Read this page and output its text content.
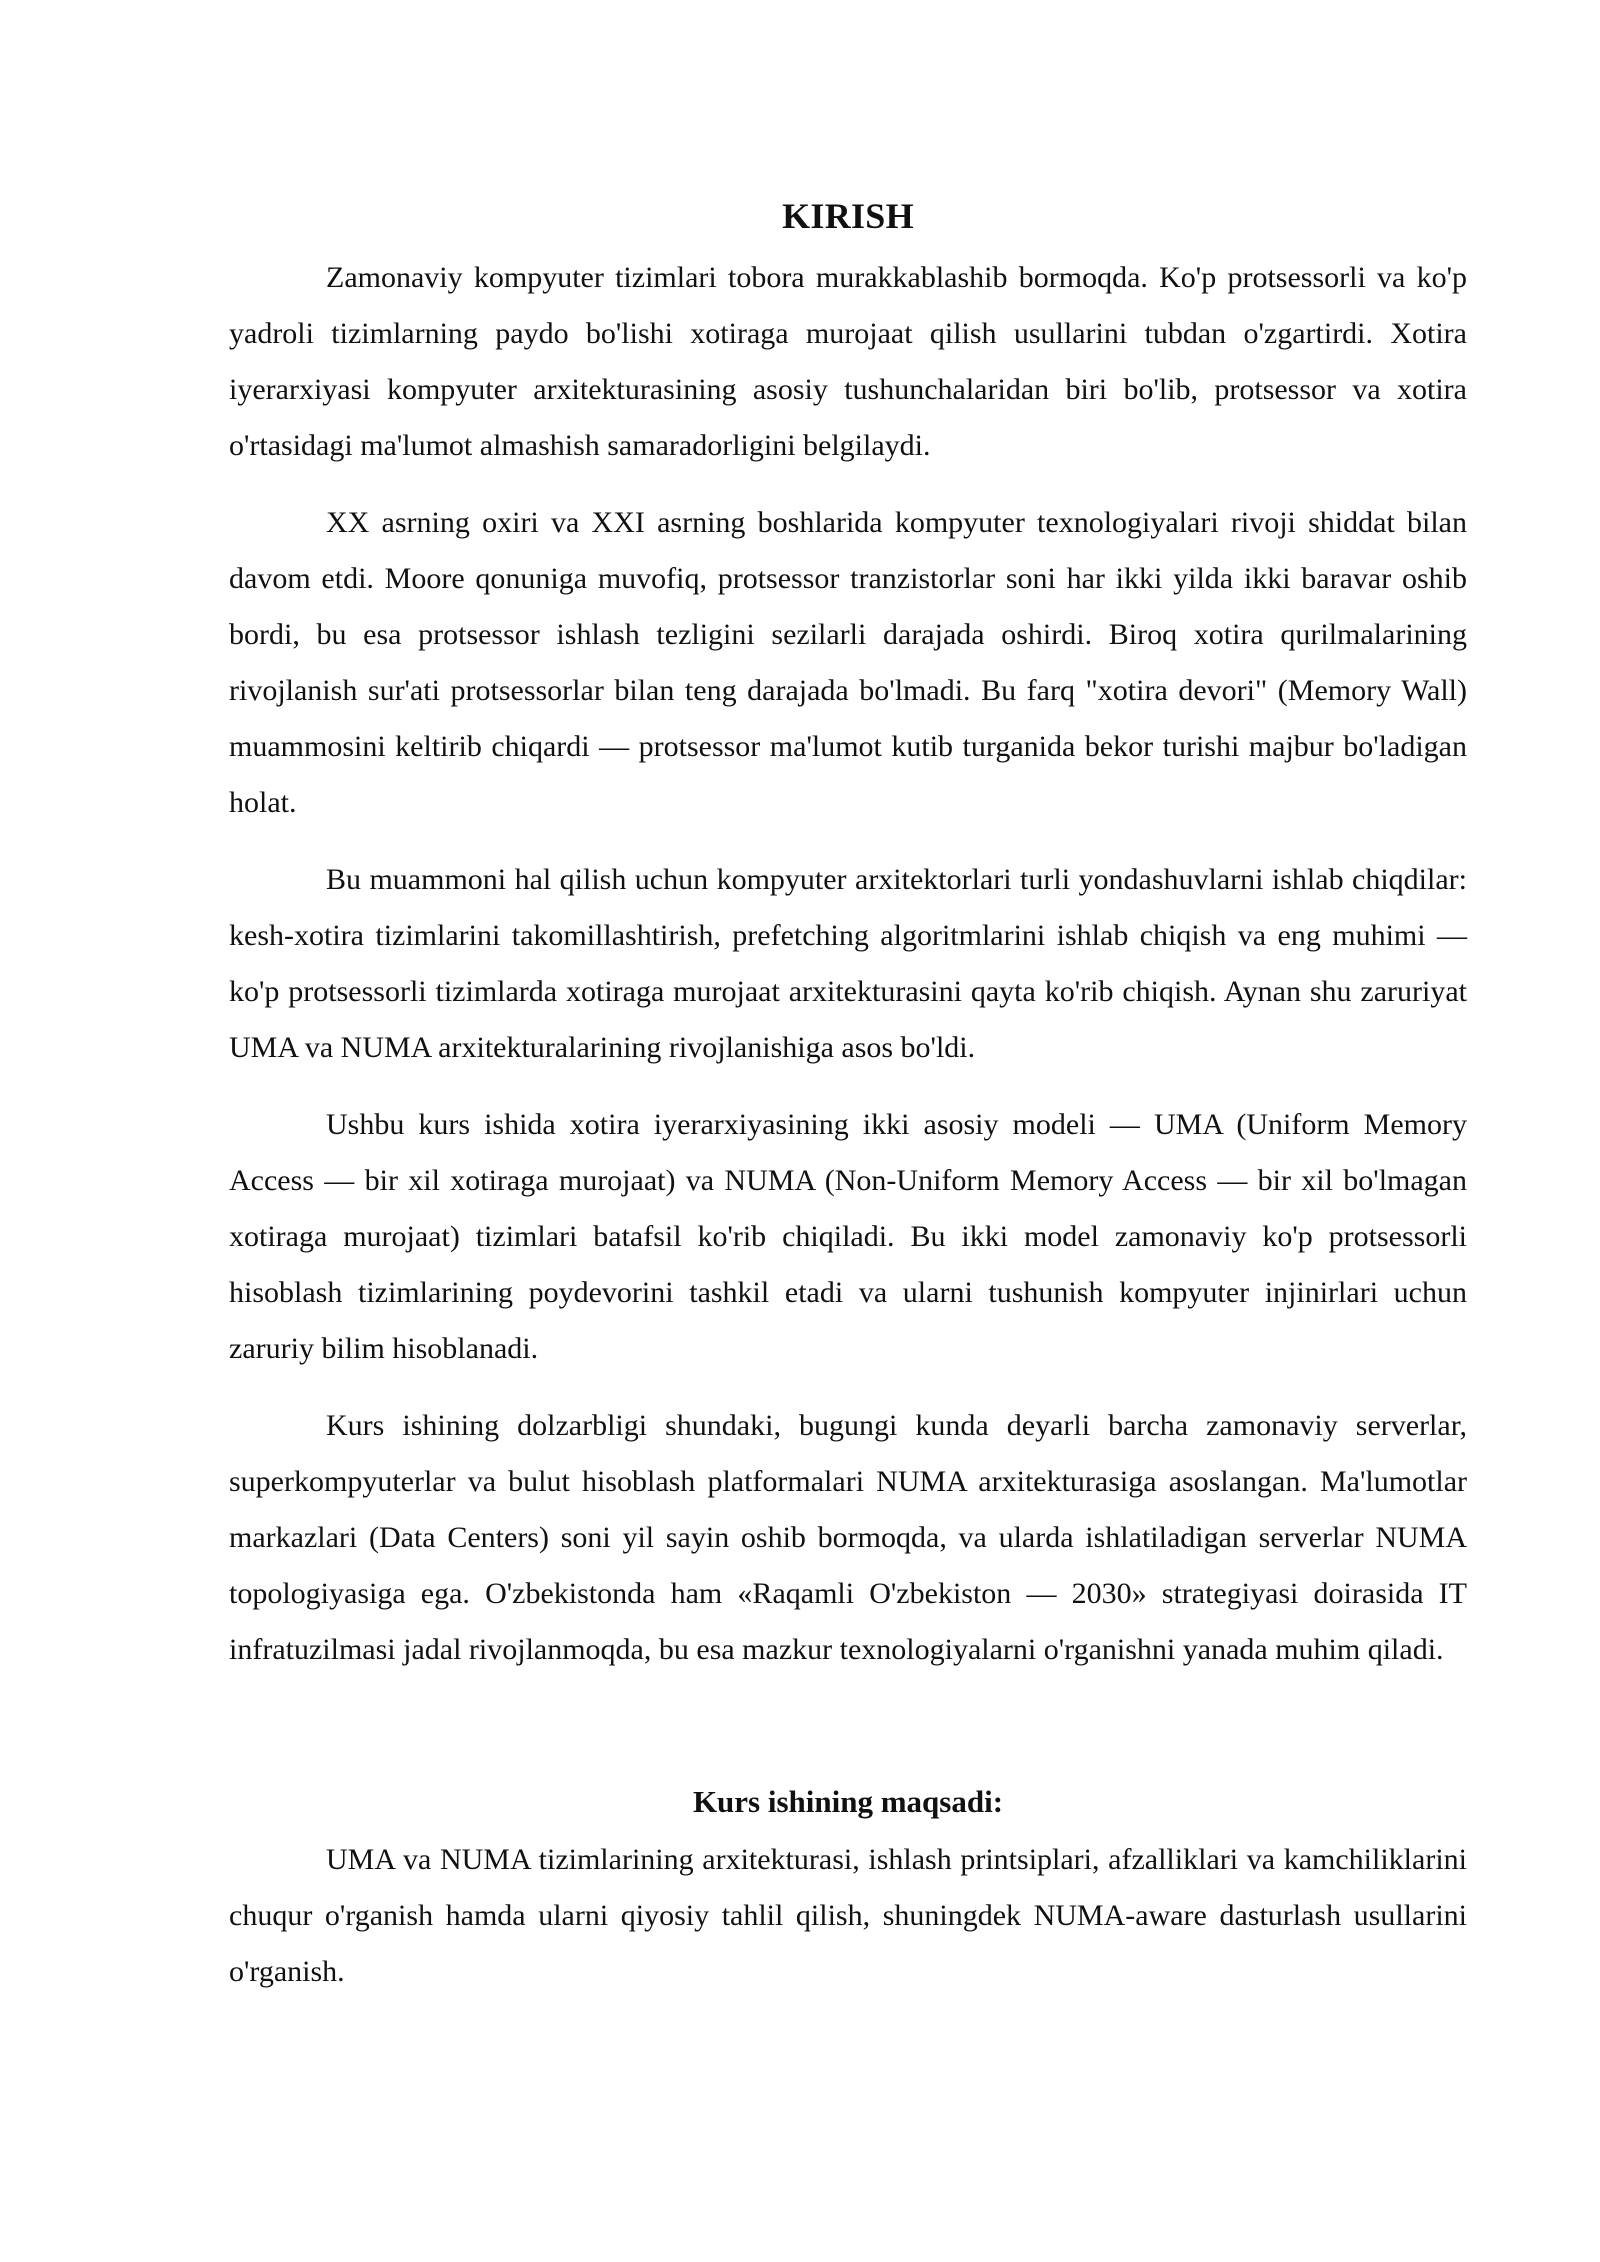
KIRISH

Zamonaviy kompyuter tizimlari tobora murakkablashib bormoqda. Ko'p protsessorli va ko'p yadroli tizimlarning paydo bo'lishi xotiraga murojaat qilish usullarini tubdan o'zgartirdi. Xotira iyerarxiyasi kompyuter arxitekturasining asosiy tushunchalaridan biri bo'lib, protsessor va xotira o'rtasidagi ma'lumot almashish samaradorligini belgilaydi.

XX asrning oxiri va XXI asrning boshlarida kompyuter texnologiyalari rivoji shiddat bilan davom etdi. Moore qonuniga muvofiq, protsessor tranzistorlar soni har ikki yilda ikki baravar oshib bordi, bu esa protsessor ishlash tezligini sezilarli darajada oshirdi. Biroq xotira qurilmalarining rivojlanish sur'ati protsessorlar bilan teng darajada bo'lmadi. Bu farq "xotira devori" (Memory Wall) muammosini keltirib chiqardi — protsessor ma'lumot kutib turganida bekor turishi majbur bo'ladigan holat.

Bu muammoni hal qilish uchun kompyuter arxitektorlari turli yondashuvlarni ishlab chiqdilar: kesh-xotira tizimlarini takomillashtirish, prefetching algoritmlarini ishlab chiqish va eng muhimi — ko'p protsessorli tizimlarda xotiraga murojaat arxitekturasini qayta ko'rib chiqish. Aynan shu zaruriyat UMA va NUMA arxitekturalarining rivojlanishiga asos bo'ldi.

Ushbu kurs ishida xotira iyerarxiyasining ikki asosiy modeli — UMA (Uniform Memory Access — bir xil xotiraga murojaat) va NUMA (Non-Uniform Memory Access — bir xil bo'lmagan xotiraga murojaat) tizimlari batafsil ko'rib chiqiladi. Bu ikki model zamonaviy ko'p protsessorli hisoblash tizimlarining poydevorini tashkil etadi va ularni tushunish kompyuter injinirlari uchun zaruriy bilim hisoblanadi.

Kurs ishining dolzarbligi shundaki, bugungi kunda deyarli barcha zamonaviy serverlar, superkompyuterlar va bulut hisoblash platformalari NUMA arxitekturasiga asoslangan. Ma'lumotlar markazlari (Data Centers) soni yil sayin oshib bormoqda, va ularda ishlatiladigan serverlar NUMA topologiyasiga ega. O'zbekistonda ham «Raqamli O'zbekiston — 2030» strategiyasi doirasida IT infratuzilmasi jadal rivojlanmoqda, bu esa mazkur texnologiyalarni o'rganishni yanada muhim qiladi.

Kurs ishining maqsadi:

UMA va NUMA tizimlarining arxitekturasi, ishlash printsiplari, afzalliklari va kamchiliklarini chuqur o'rganish hamda ularni qiyosiy tahlil qilish, shuningdek NUMA-aware dasturlash usullarini o'rganish.
